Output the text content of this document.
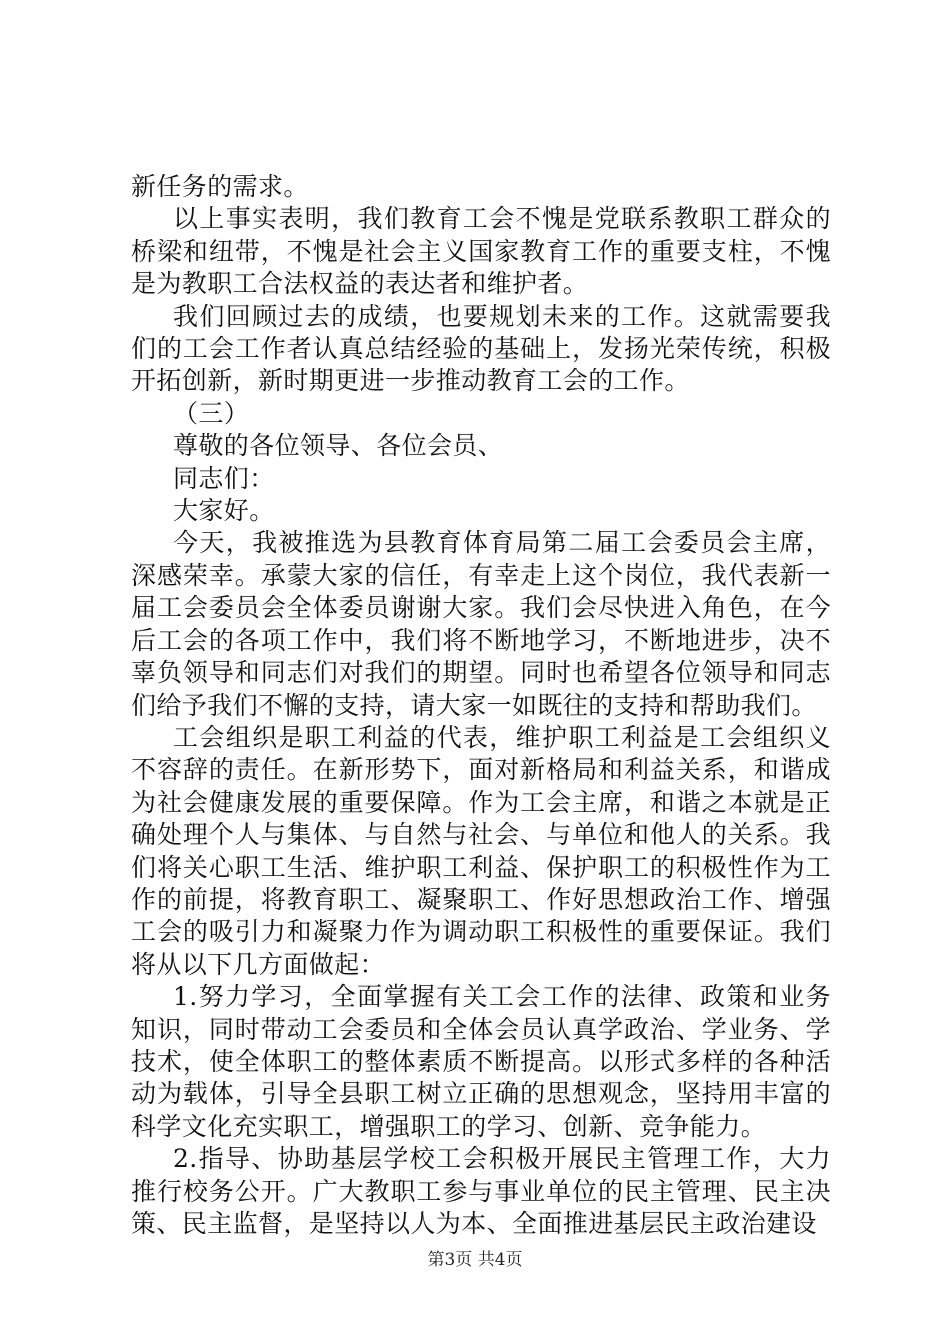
新任务的需求。

以上事实表明，我们教育工会不愧是党联系教职工群众的桥梁和纽带，不愧是社会主义国家教育工作的重要支柱，不愧是为教职工合法权益的表达者和维护者。

我们回顾过去的成绩，也要规划未来的工作。这就需要我们的工会工作者认真总结经验的基础上，发扬光荣传统，积极开拓创新，新时期更进一步推动教育工会的工作。

（三）

尊敬的各位领导、各位会员、

同志们：

大家好。

今天，我被推选为县教育体育局第二届工会委员会主席，深感荣幸。承蒙大家的信任，有幸走上这个岗位，我代表新一届工会委员会全体委员谢谢大家。我们会尽快进入角色，在今后工会的各项工作中，我们将不断地学习，不断地进步，决不辜负领导和同志们对我们的期望。同时也希望各位领导和同志们给予我们不懈的支持，请大家一如既往的支持和帮助我们。

工会组织是职工利益的代表，维护职工利益是工会组织义不容辞的责任。在新形势下，面对新格局和利益关系，和谐成为社会健康发展的重要保障。作为工会主席，和谐之本就是正确处理个人与集体、与自然与社会、与单位和他人的关系。我们将关心职工生活、维护职工利益、保护职工的积极性作为工作的前提，将教育职工、凝聚职工、作好思想政治工作、增强工会的吸引力和凝聚力作为调动职工积极性的重要保证。我们将从以下几方面做起：

1.努力学习，全面掌握有关工会工作的法律、政策和业务知识，同时带动工会委员和全体会员认真学政治、学业务、学技术，使全体职工的整体素质不断提高。以形式多样的各种活动为载体，引导全县职工树立正确的思想观念，坚持用丰富的科学文化充实职工，增强职工的学习、创新、竞争能力。

2.指导、协助基层学校工会积极开展民主管理工作，大力推行校务公开。广大教职工参与事业单位的民主管理、民主决策、民主监督，是坚持以人为本、全面推进基层民主政治建设

第3页 共4页
